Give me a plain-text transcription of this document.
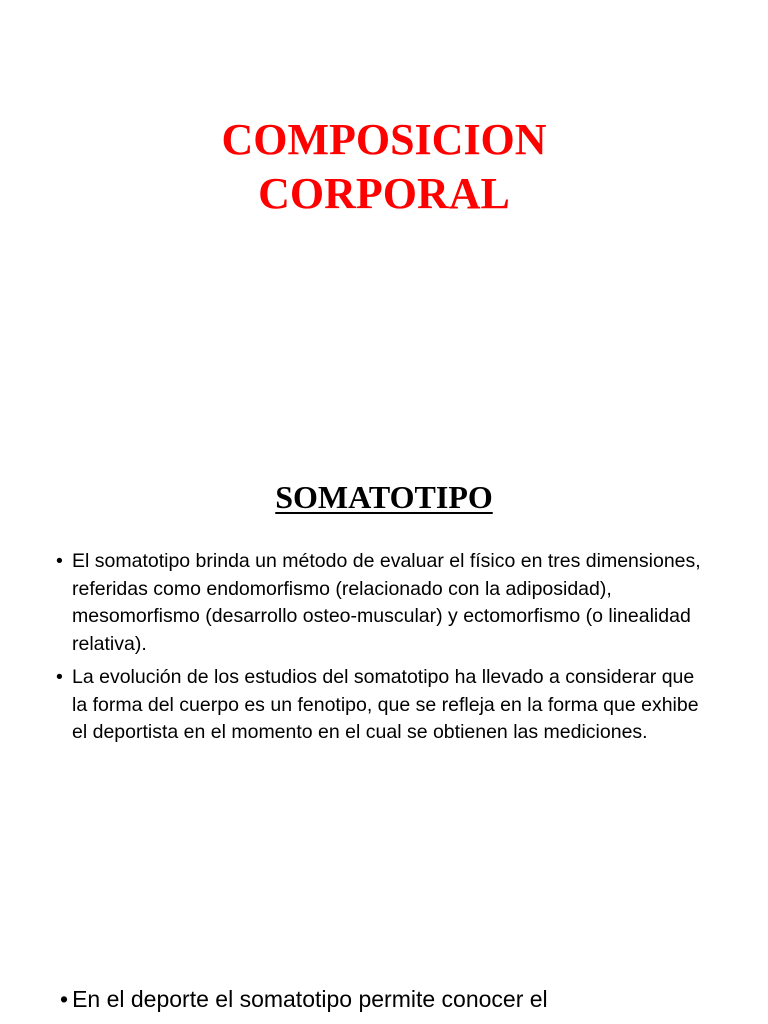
COMPOSICION
CORPORAL
SOMATOTIPO
• El somatotipo brinda un método de evaluar el físico en tres dimensiones, referidas como endomorfismo (relacionado con la adiposidad), mesomorfismo (desarrollo osteo-muscular) y ectomorfismo (o linealidad relativa).
• La evolución de los estudios del somatotipo ha llevado a considerar que la forma del cuerpo es un fenotipo, que se refleja en la forma que exhibe el deportista en el momento en el cual se obtienen las mediciones.
• En el deporte el somatotipo permite conocer el
